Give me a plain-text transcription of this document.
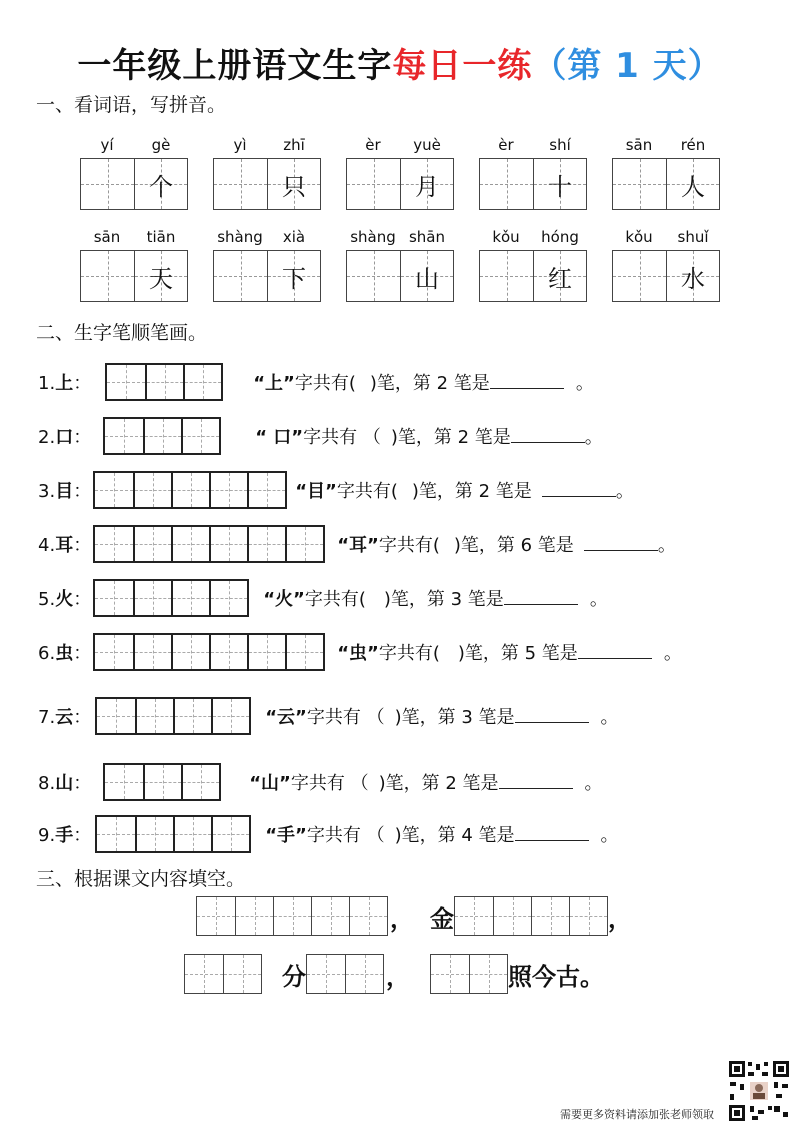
一年级上册语文生字每日一练（第 1 天）
一、看词语，写拼音。
yí	gè
个
yì	zhī
只
èr	yuè
月
èr	shí
十
sān	rén
人
sān	tiān
天
shàng	xià
下
shàng shān
山
kǒu	hóng
红
kǒu	shuǐ
水
二、生字笔顺笔画。
1.上：	“上”字共有( )笔，第 2 笔是	。
2.口：	“ 口”字共有 （ )笔，第 2 笔是	。
3.目：	“目”字共有( )笔，第 2 笔是	。
4.耳：	“耳”字共有( )笔，第 6 笔是	。
5.火：	“火”字共有( )笔，第 3 笔是	。
6.虫：	“虫”字共有( )笔，第 5 笔是	。
7.云：	“云”字共有 （ )笔，第 3 笔是	。
8.山：	“山”字共有 （ )笔，第 2 笔是	。
9.手：	“手”字共有 （ )笔，第 4 笔是	。
三、根据课文内容填空。
， 金	，
分	，	照今古。
需要更多资料请添加张老师领取
